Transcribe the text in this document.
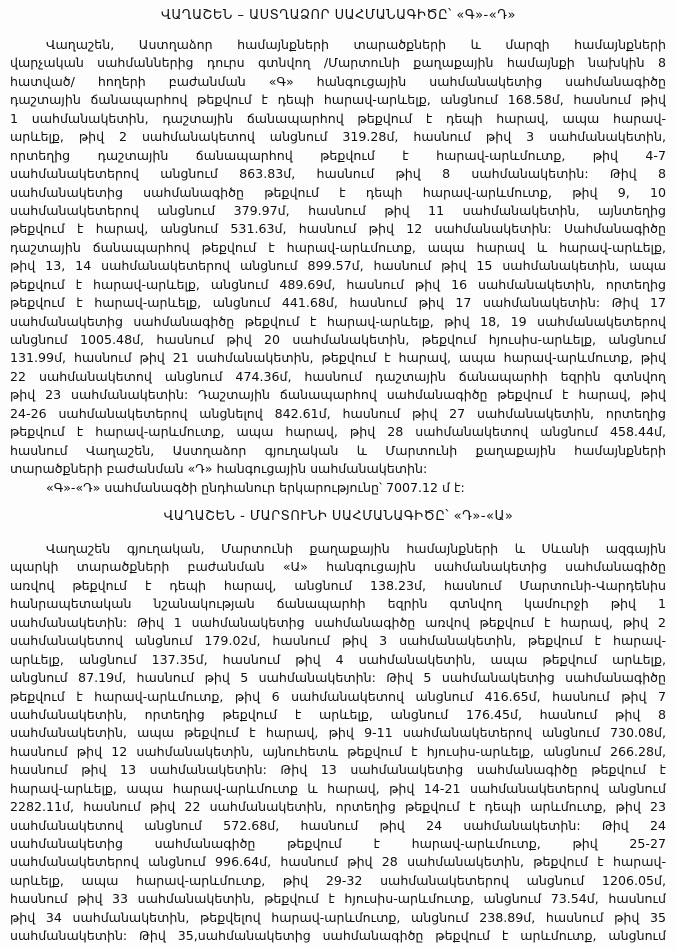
ՎԱՂԱՇԵՆ – ԱՍՏՂԱՁՈՐ ՍԱՀՄԱՆԱԳԻԾԸ՝ «Գ»-«Դ»
Վաղաշեն, Աստղաձոր համայնքների տարածքների և մարզի համայնքների
վարչական սահմաններից դուրս գտնվող /Մարտունի քաղաքային համայնքի նախկին 8
հատված/ հողերի բաժանման «Գ» հանգուցային սահմանակետից սահմանագիծը
դաշտային ճանապարհով թեքվում է դեպի հարավ-արևելք, անցնում 168.58մ, հասնում թիվ
1 սահմանակետին, դաշտային ճանապարհով թեքվում է դեպի հարավ, ապա հարավ-
արևելք, թիվ 2 սահմանակետով անցնում 319.28մ, հասնում թիվ 3 սահմանակետին,
որտեղից դաշտային ճանապարհով թեքվում է հարավ-արևմուտք, թիվ 4-7
սահմանակետերով անցնում 863.83մ, հասնում թիվ 8 սահմանակետին: Թիվ 8
սահմանակետից սահմանագիծը թեքվում է դեպի հարավ-արևմուտք, թիվ 9, 10
սահմանակետերով անցնում 379.97մ, հասնում թիվ 11 սահմանակետին, այնտեղից
թեքվում է հարավ, անցնում 531.63մ, հասնում թիվ 12 սահմանակետին: Սահմանագիծը
դաշտային ճանապարհով թեքվում է հարավ-արևմուտք, ապա հարավ և հարավ-արևելք,
թիվ 13, 14 սահմանակետերով անցնում 899.57մ, հասնում թիվ 15 սահմանակետին, ապա
թեքվում է հարավ-արևելք, անցնում 489.69մ, հասնում թիվ 16 սահմանակետին, որտեղից
թեքվում է հարավ-արևելք, անցնում 441.68մ, հասնում թիվ 17 սահմանակետին: Թիվ 17
սահմանակետից սահմանագիծը թեքվում է հարավ-արևելք, թիվ 18, 19 սահմանակետերով
անցնում 1005.48մ, հասնում թիվ 20 սահմանակետին, թեքվում հյուսիս-արևելք, անցնում
131.99մ, հասնում թիվ 21 սահմանակետին, թեքվում է հարավ, ապա հարավ-արևմուտք, թիվ
22 սահմանակետով անցնում 474.36մ, հասնում դաշտային ճանապարհի եզրին գտնվող
թիվ 23 սահմանակետին: Դաշտային ճանապարհով սահմանագիծը թեքվում է հարավ, թիվ
24-26 սահմանակետերով անցնելով 842.61մ, հասնում թիվ 27 սահմանակետին, որտեղից
թեքվում է հարավ-արևմուտք, ապա հարավ, թիվ 28 սահմանակետով անցնում 458.44մ,
հասնում Վաղաշեն, Աստղաձոր գյուղական և Մարտունի քաղաքային համայնքների
տարածքների բաժանման «Դ» հանգուցային սահմանակետին:
«Գ»-«Դ» սահմանագծի ընդհանուր երկարությունը՝ 7007.12 մ է:
ՎԱՂԱՇԵՆ - ՄԱՐՏՈՒՆԻ ՍԱՀՄԱՆԱԳԻԾԸ՝ «Դ»-«Ա»
Վաղաշեն գյուղական, Մարտունի քաղաքային համայնքների և Սևանի ազգային
պարկի տարածքների բաժանման «Ա» հանգուցային սահմանակետից սահմանագիծը
առվով թեքվում է դեպի հարավ, անցնում 138.23մ, հասնում Մարտունի-Վարդենիս
հանրապետական նշանակության ճանապարհի եզրին գտնվող կամուրջի թիվ 1
սահմանակետին: Թիվ 1 սահմանակետից սահմանագիծը առվով թեքվում է հարավ, թիվ 2
սահմանակետով անցնում 179.02մ, հասնում թիվ 3 սահմանակետին, թեքվում է հարավ-
արևելք, անցնում 137.35մ, հասնում թիվ 4 սահմանակետին, ապա թեքվում արևելք,
անցնում 87.19մ, հասնում թիվ 5 սահմանակետին: Թիվ 5 սահմանակետից սահմանագիծը
թեքվում է հարավ-արևմուտք, թիվ 6 սահմանակետով անցնում 416.65մ, հասնում թիվ 7
սահմանակետին, որտեղից թեքվում է արևելք, անցնում 176.45մ, հասնում թիվ 8
սահմանակետին, ապա թեքվում է հարավ, թիվ 9-11 սահմանակետերով անցնում 730.08մ,
հասնում թիվ 12 սահմանակետին, այնուհետև թեքվում է հյուսիս-արևելք, անցնում 266.28մ,
հասնում թիվ 13 սահմանակետին: Թիվ 13 սահմանակետից սահմանագիծը թեքվում է
հարավ-արևելք, ապա հարավ-արևմուտք և հարավ, թիվ 14-21 սահմանակետերով անցնում
2282.11մ, հասնում թիվ 22 սահմանակետին, որտեղից թեքվում է դեպի արևմուտք, թիվ 23
սահմանակետով անցնում 572.68մ, հասնում թիվ 24 սահմանակետին: Թիվ 24
սահմանակետից սահմանագիծը թեքվում է հարավ-արևմուտք, թիվ 25-27
սահմանակետերով անցնում 996.64մ, հասնում թիվ 28 սահմանակետին, թեքվում է հարավ-
արևելք, ապա հարավ-արևմուտք, թիվ 29-32 սահմանակետերով անցնում 1206.05մ,
հասնում թիվ 33 սահմանակետին, թեքվում է հյուսիս-արևմուտք, անցնում 73.54մ, հասնում
թիվ 34 սահմանակետին, թեքվելով հարավ-արևմուտք, անցնում 238.89մ, հասնում թիվ 35
սահմանակետին: Թիվ 35,սահմանակետից սահմանագիծը թեքվում է արևմուտք, անցնում
